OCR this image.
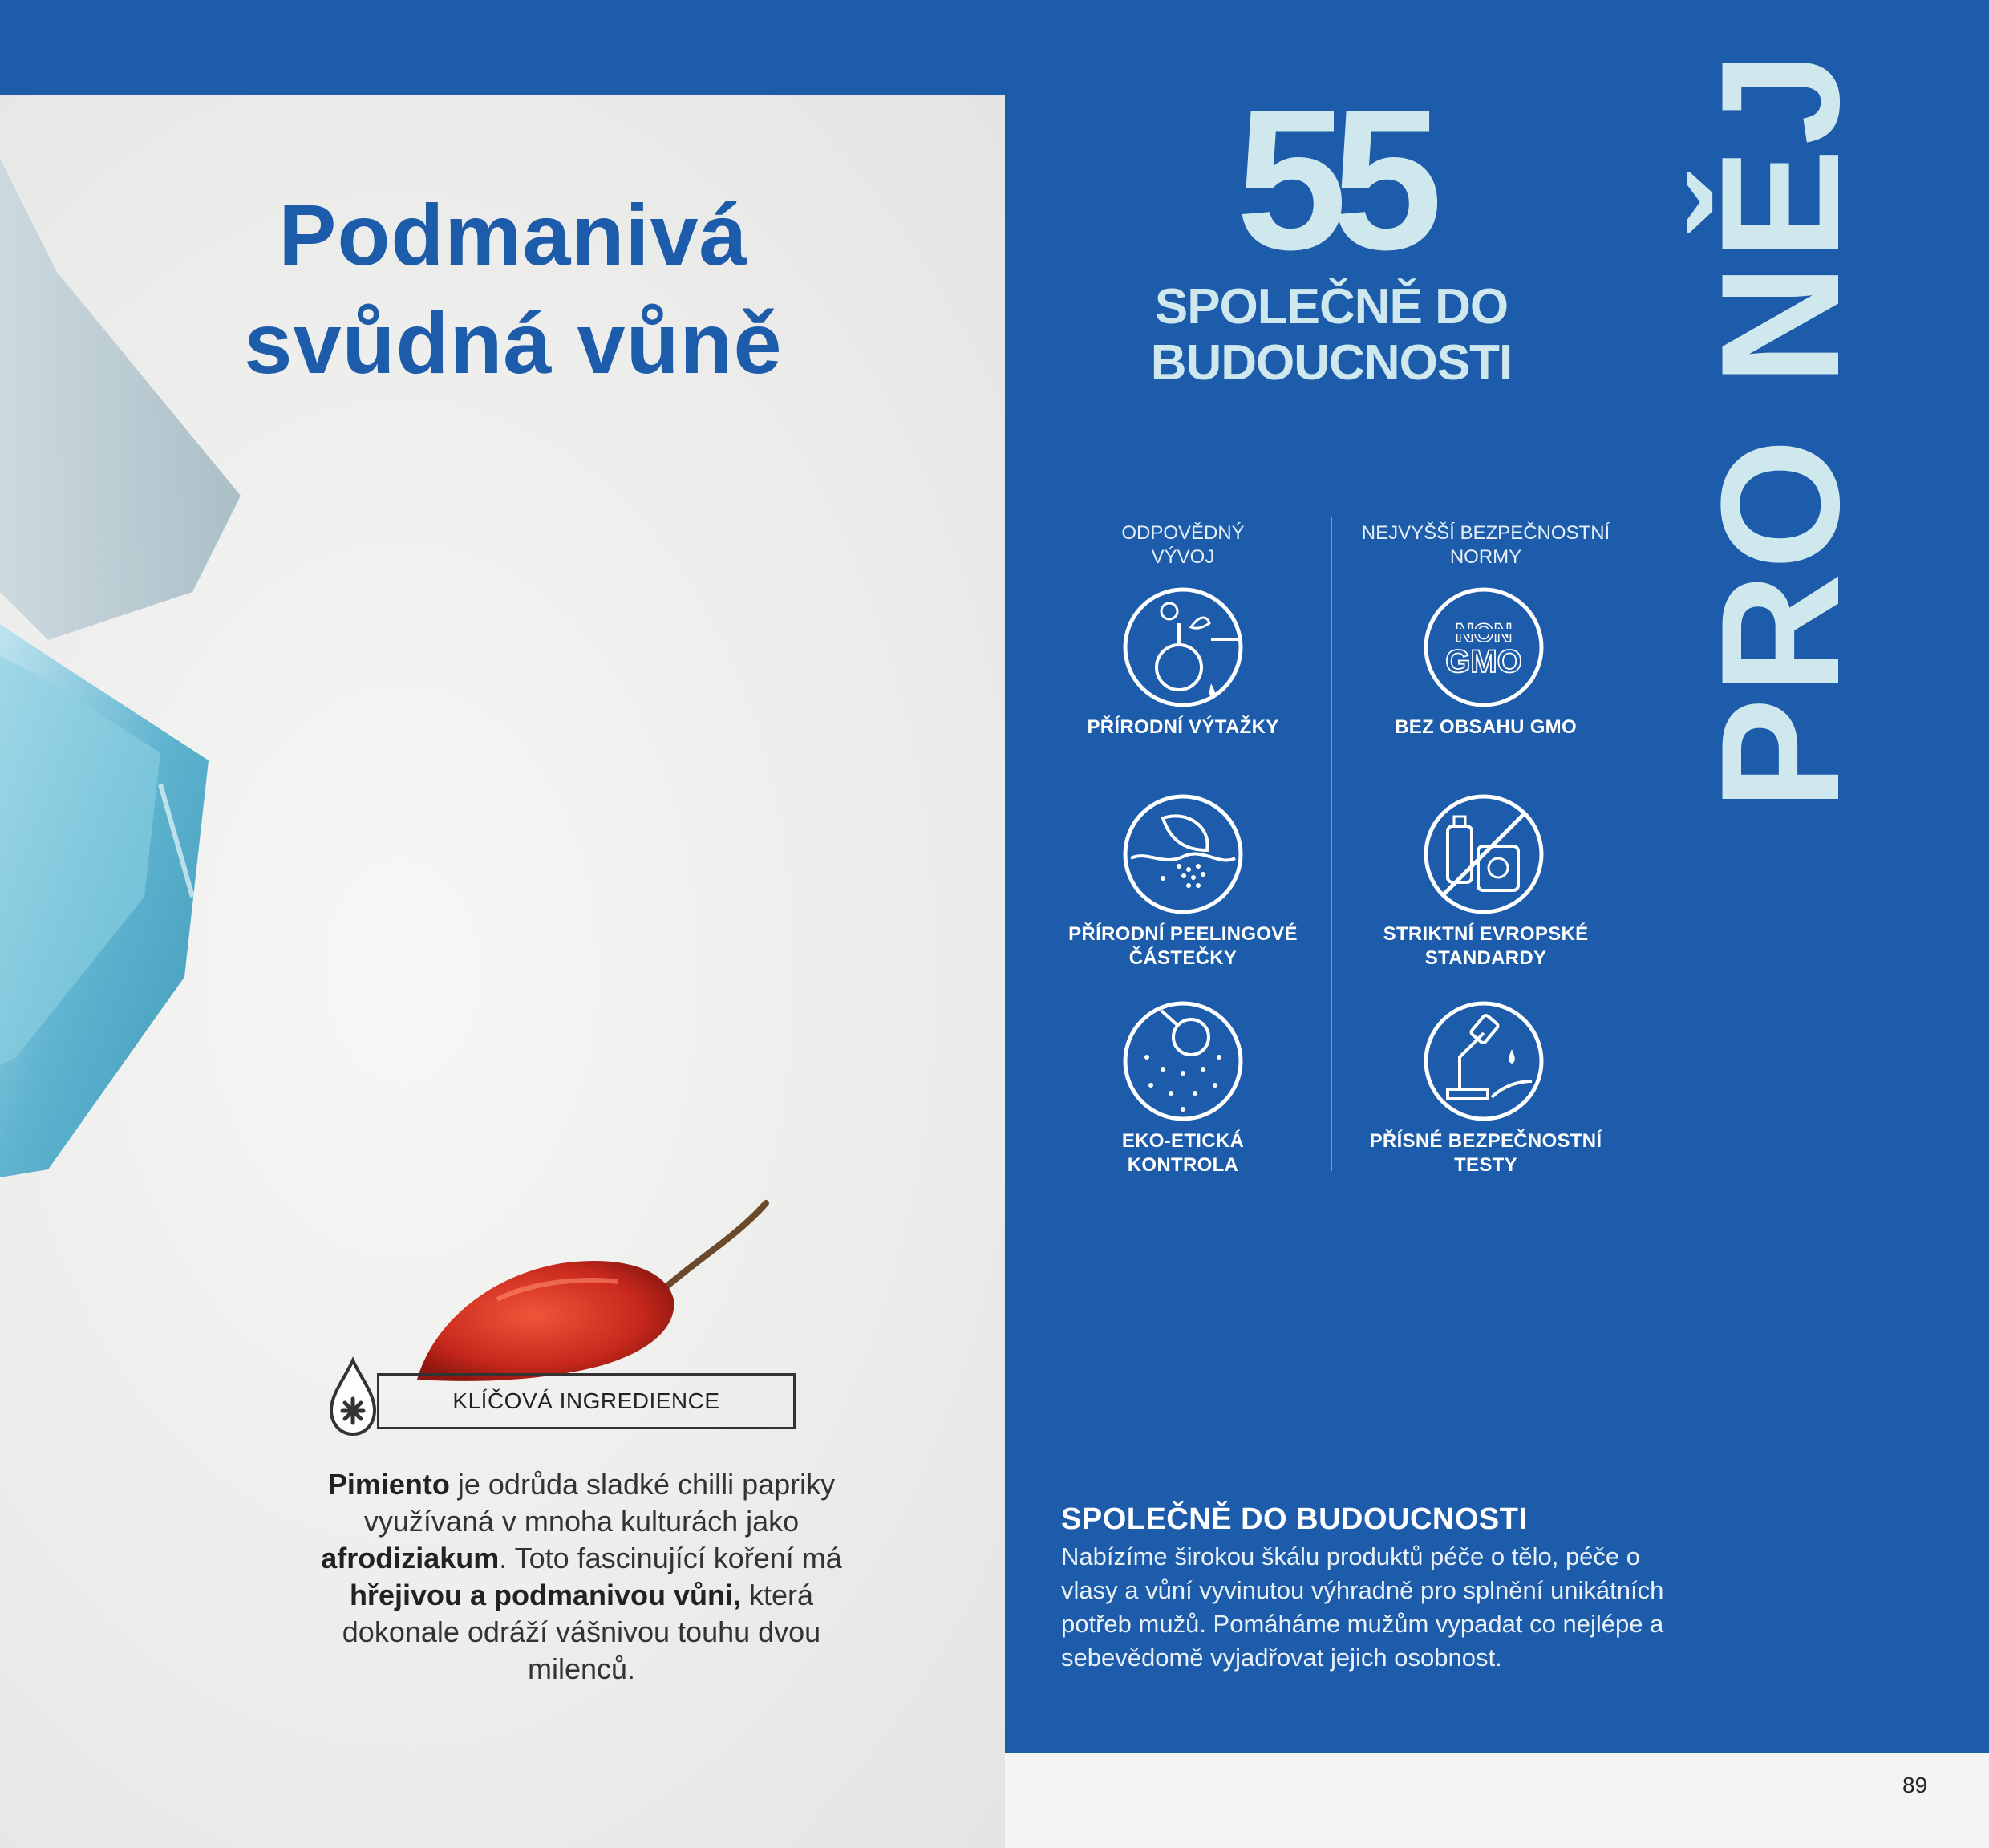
Podmanivá
svůdná vůně
KLÍČOVÁ INGREDIENCE
Pimiento je odrůda sladké chilli papriky využívaná v mnoha kulturách jako afrodiziakum. Toto fascinující koření má hřejivou a podmanivou vůni, která dokonale odráží vášnivou touhu dvou milenců.
55
SPOLEČNĚ DO
BUDOUCNOSTI PRO NĚJ
ODPOVĚDNÝ
VÝVOJ
NEJVYŠŠÍ BEZPEČNOSTNÍ
NORMY
PŘÍRODNÍ VÝTAŽKY
GMO
BEZ OBSAHU GMO
PŘÍRODNÍ PEELINGOVÉ
ČÁSTEČKY
STRIKTNÍ EVROPSKÉ
STANDARDY
EKO-ETICKÁ
KONTROLA
PŘÍSNÉ BEZPEČNOSTNÍ
TESTY
SPOLEČNĚ DO BUDOUCNOSTI
Nabízíme širokou škálu produktů péče o tělo, péče o vlasy a vůní vyvinutou výhradně pro splnění unikátních potřeb mužů. Pomáháme mužům vypadat co nejlépe a sebevědomě vyjadřovat jejich osobnost.
89
